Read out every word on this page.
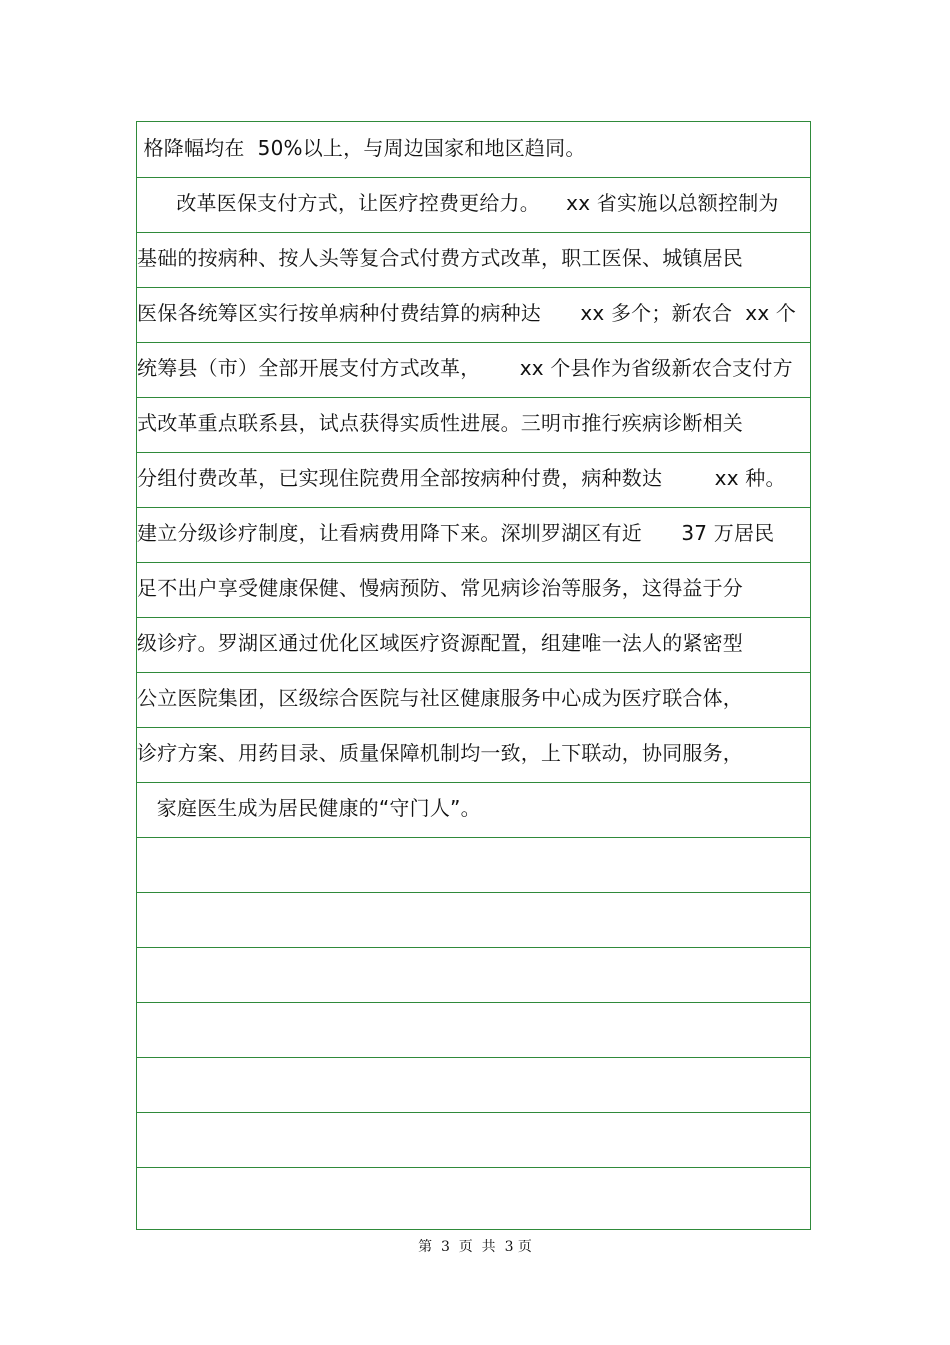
格降幅均在  50%以上，与周边国家和地区趋同。
改革医保支付方式，让医疗控费更给力。    xx 省实施以总额控制为
基础的按病种、按人头等复合式付费方式改革，职工医保、城镇居民
医保各统筹区实行按单病种付费结算的病种达      xx 多个；新农合  xx 个
统筹县（市）全部开展支付方式改革，      xx 个县作为省级新农合支付方
式改革重点联系县，试点获得实质性进展。三明市推行疾病诊断相关
分组付费改革，已实现住院费用全部按病种付费，病种数达        xx 种。
建立分级诊疗制度，让看病费用降下来。深圳罗湖区有近      37 万居民
足不出户享受健康保健、慢病预防、常见病诊治等服务，这得益于分
级诊疗。罗湖区通过优化区域医疗资源配置，组建唯一法人的紧密型
公立医院集团，区级综合医院与社区健康服务中心成为医疗联合体，
诊疗方案、用药目录、质量保障机制均一致，上下联动，协同服务，
家庭医生成为居民健康的“守门人”。
第  3  页  共  3 页
